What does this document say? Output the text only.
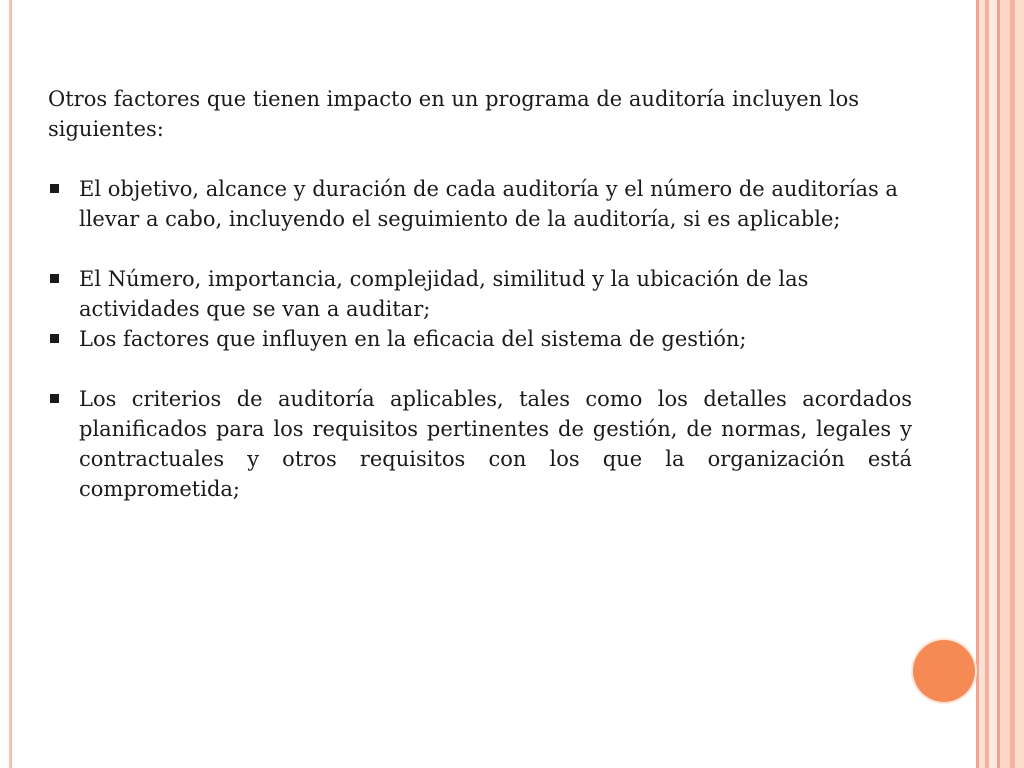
Otros factores que tienen impacto en un programa de auditoría incluyen los siguientes:

El objetivo, alcance y duración de cada auditoría y el número de auditorías a llevar a cabo, incluyendo el seguimiento de la auditoría, si es aplicable;
El Número, importancia, complejidad, similitud y la ubicación de las actividades que se van a auditar;
Los factores que influyen en la eficacia del sistema de gestión;
Los criterios de auditoría aplicables, tales como los detalles acordados planificados para los requisitos pertinentes de gestión, de normas, legales y contractuales y otros requisitos con los que la organización está comprometida;
